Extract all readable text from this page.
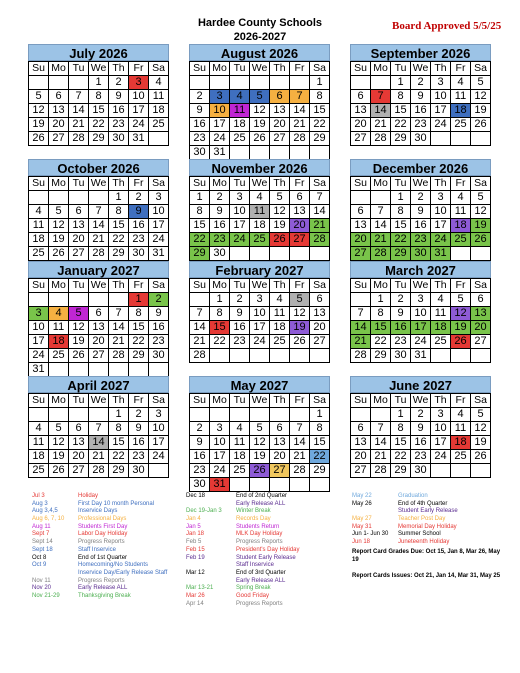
Hardee County Schools
2026-2027
Board Approved 5/5/25
July 2026
Su	Mo	Tu	We	Th	Fr	Sa
			1	2	3	4
5	6	7	8	9	10	11
12	13	14	15	16	17	18
19	20	21	22	23	24	25
26	27	28	29	30	31	
August 2026
Su	Mo	Tu	We	Th	Fr	Sa
						1
2	3	4	5	6	7	8
9	10	11	12	13	14	15
16	17	18	19	20	21	22
23	24	25	26	27	28	29
30	31					
September 2026
Su	Mo	Tu	We	Th	Fr	Sa
		1	2	3	4	5
6	7	8	9	10	11	12
13	14	15	16	17	18	19
20	21	22	23	24	25	26
27	28	29	30			
October 2026
Su	Mo	Tu	We	Th	Fr	Sa
				1	2	3
4	5	6	7	8	9	10
11	12	13	14	15	16	17
18	19	20	21	22	23	24
25	26	27	28	29	30	31
November 2026
Su	Mo	Tu	We	Th	Fr	Sa
1	2	3	4	5	6	7
8	9	10	11	12	13	14
15	16	17	18	19	20	21
22	23	24	25	26	27	28
29	30					
December 2026
Su	Mo	Tu	We	Th	Fr	Sa
		1	2	3	4	5
6	7	8	9	10	11	12
13	14	15	16	17	18	19
20	21	22	23	24	25	26
27	28	29	30	31		
January 2027
Su	Mo	Tu	We	Th	Fr	Sa
					1	2
3	4	5	6	7	8	9
10	11	12	13	14	15	16
17	18	19	20	21	22	23
24	25	26	27	28	29	30
31						
February 2027
Su	Mo	Tu	We	Th	Fr	Sa
	1	2	3	4	5	6
7	8	9	10	11	12	13
14	15	16	17	18	19	20
21	22	23	24	25	26	27
28						
March 2027
Su	Mo	Tu	We	Th	Fr	Sa
	1	2	3	4	5	6
7	8	9	10	11	12	13
14	15	16	17	18	19	20
21	22	23	24	25	26	27
28	29	30	31			
April 2027
Su	Mo	Tu	We	Th	Fr	Sa
				1	2	3
4	5	6	7	8	9	10
11	12	13	14	15	16	17
18	19	20	21	22	23	24
25	26	27	28	29	30	
May 2027
Su	Mo	Tu	We	Th	Fr	Sa
						1
2	3	4	5	6	7	8
9	10	11	12	13	14	15
16	17	18	19	20	21	22
23	24	25	26	27	28	29
30	31					
June 2027
Su	Mo	Tu	We	Th	Fr	Sa
		1	2	3	4	5
6	7	8	9	10	11	12
13	14	15	16	17	18	19
20	21	22	23	24	25	26
27	28	29	30			
Jul 3	Holiday
Aug 3	First Day 10 month Personal
Aug 3,4,5	Inservice Days
Aug 6, 7, 10	Professional Days
Aug 11	Students First Day
Sept 7	Labor Day Holiday
Sept 14	Progress Reports
Sept 18	Staff Inservice
Oct 8	End of 1st Quarter
Oct 9	Homecoming/No Students
Inservice Day/Early Release Staff
Nov 11	Progress Reports
Nov 20	Early Release ALL
Nov 21-29	Thanksgiving Break
Dec 18	End of 2nd Quarter
Early Release ALL
Dec 19-Jan 3	Winter Break
Jan 4	Records Day
Jan 5	Students Return
Jan 18	MLK Day Holiday
Feb 5	Progress Reports
Feb 15	President's Day Holiday
Feb 19	Student Early Release
Staff Inservice
Mar 12	End of 3rd Quarter
Early Release ALL
Mar 13-21	Spring Break
Mar 26	Good Friday
Apr 14	Progress Reports
May 22	Graduation
May 26	End of 4th Quarter
Student Early Release
May 27	Teacher Post Day
May 31	Memorial Day Holiday
Jun 1- Jun 30	Summer School
Jun 18	Juneteenth Holiday
Report Card Grades Due: Oct 15, Jan 8, Mar 26, May 19
Report Cards Issues: Oct 21, Jan 14, Mar 31, May 25
